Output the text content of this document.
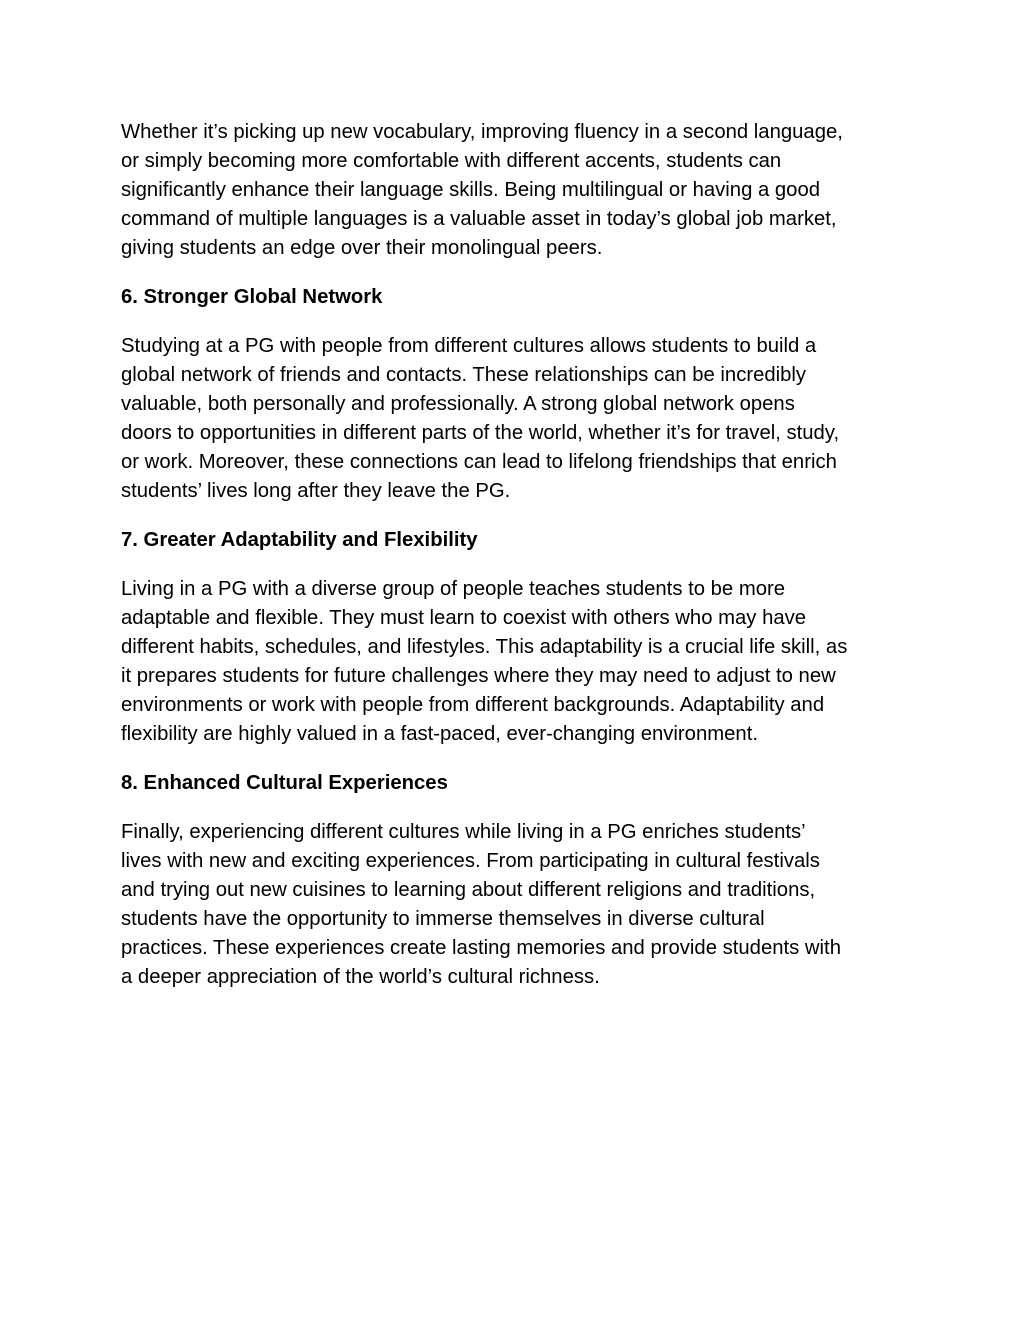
Whether it’s picking up new vocabulary, improving fluency in a second language,
or simply becoming more comfortable with different accents, students can
significantly enhance their language skills. Being multilingual or having a good
command of multiple languages is a valuable asset in today’s global job market,
giving students an edge over their monolingual peers.

6. Stronger Global Network

Studying at a PG with people from different cultures allows students to build a
global network of friends and contacts. These relationships can be incredibly
valuable, both personally and professionally. A strong global network opens
doors to opportunities in different parts of the world, whether it’s for travel, study,
or work. Moreover, these connections can lead to lifelong friendships that enrich
students’ lives long after they leave the PG.

7. Greater Adaptability and Flexibility

Living in a PG with a diverse group of people teaches students to be more
adaptable and flexible. They must learn to coexist with others who may have
different habits, schedules, and lifestyles. This adaptability is a crucial life skill, as
it prepares students for future challenges where they may need to adjust to new
environments or work with people from different backgrounds. Adaptability and
flexibility are highly valued in a fast-paced, ever-changing environment.

8. Enhanced Cultural Experiences

Finally, experiencing different cultures while living in a PG enriches students’
lives with new and exciting experiences. From participating in cultural festivals
and trying out new cuisines to learning about different religions and traditions,
students have the opportunity to immerse themselves in diverse cultural
practices. These experiences create lasting memories and provide students with
a deeper appreciation of the world’s cultural richness.
